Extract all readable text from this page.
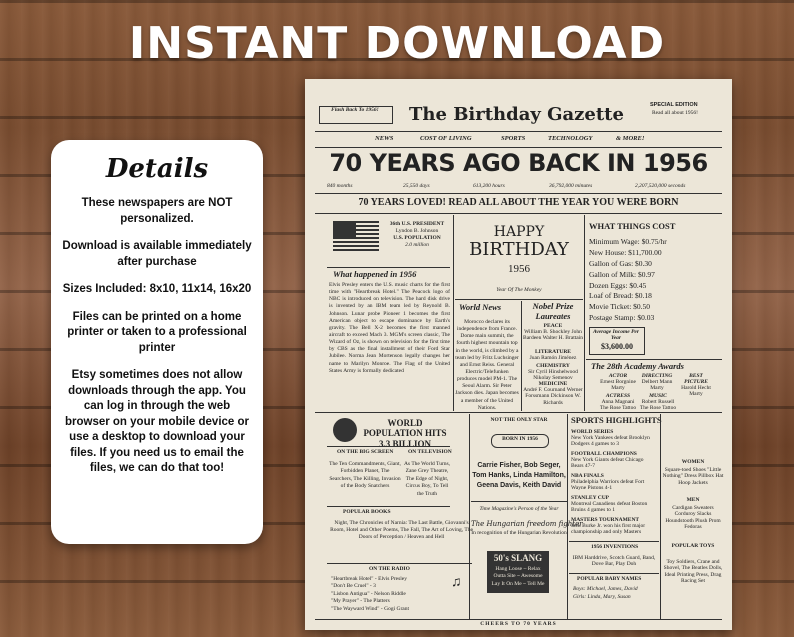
INSTANT DOWNLOAD
Details

These newspapers are NOT personalized.

Download is available immediately after purchase

Sizes Included: 8x10, 11x14, 16x20

Files can be printed on a home printer or taken to a professional printer

Etsy sometimes does not allow downloads through the app. You can log in through the web browser on your mobile device or use a desktop to download your files. If you need us to email the files, we can do that too!

Flash Back To 1956!	The Birthday Gazette	SPECIAL EDITION
Read all about 1956!
NEWS	COST OF LIVING	SPORTS	TECHNOLOGY	& MORE!
70 YEARS AGO BACK IN 1956
840 months	25,550 days	613,200 hours	36,792,000 minutes	2,207,520,000 seconds
70 YEARS LOVED! READ ALL ABOUT THE YEAR YOU WERE BORN
36th U.S. PRESIDENT
Lyndon B. Johnson
U.S. POPULATION
2.0 million
What happened in 1956
Elvis Presley enters the U.S. music charts for the first time with "Heartbreak Hotel." The Peacock logo of NBC is introduced on television. The hard disk drive is invented by an IBM team led by Reynold B. Johnson. Lunar probe Pioneer 1 becomes the first American object to escape dominance by Earth's gravity. The Bell X-2 becomes the first manned aircraft to exceed Mach 3. MGM's screen classic, The Wizard of Oz, is shown on television for the first time by CBS as the final installment of their Ford Star Jubilee. Norma Jean Mortenson legally changes her name to Marilyn Monroe. The Flag of the United States Army is formally dedicated
HAPPY
BIRTHDAY
1956
Year Of The Monkey
World News
Morocco declares its independence from France. Dome main summit, the fourth highest mountain top in the world, is climbed by a team led by Fritz Luchsinger and Ernst Reiss. General Electric/Telefunken produces model PM-1. The Seoul Alarm. Sir Peter Jackson dies. Japan becomes a member of the United Nations.
Nobel Prize Laureates
PEACE
William B. Shockley John Bardeen Walter H. Brattain
LITERATURE
Juan Ramón Jiménez
CHEMISTRY
Sir Cyril Hinshelwood Nikolay Semenov
MEDICINE
André F. Cournand Werner Forssmann Dickinson W. Richards
WHAT THINGS COST
Minimum Wage: $0.75/hr
New House: $11,700.00
Gallon of Gas: $0.30
Gallon of Milk: $0.97
Dozen Eggs: $0.45
Loaf of Bread: $0.18
Movie Ticket: $0.50
Postage Stamp: $0.03
Average Income Per Year
$3,600.00
The 28th Academy Awards
ACTOR
Ernest Borgnine Marty
DIRECTING
Delbert Mann Marty
BEST PICTURE
Harold Hecht Marty
ACTRESS
Anna Magnani The Rose Tattoo
MUSIC
Robert Russell The Rose Tattoo
WORLD POPULATION HITS 3.3 BILLION
ON THE BIG SCREEN
The Ten Commandments, Giant, Forbidden Planet, The Searchers, The Killing, Invasion of the Body Snatchers
ON TELEVISION
As The World Turns, Zane Grey Theatre, The Edge of Night, Circus Boy, To Tell the Truth
POPULAR BOOKS
Night, The Chronicles of Narnia: The Last Battle, Giovanni's Room, Hotel and Other Poems, The Fall, The Art of Loving, The Doors of Perception / Heaven and Hell
ON THE RADIO
"Heartbreak Hotel" - Elvis Presley
"Don't Be Cruel" - 3
"Lisbon Antigua" - Nelson Riddle
"My Prayer" - The Platters
"The Wayward Wind" - Gogi Grant
♫
NOT THE ONLY STAR
BORN IN 1956
Carrie Fisher, Bob Seger, Tom Hanks, Linda Hamilton, Geena Davis, Keith David
Time Magazine's Person of the Year
The Hungarian freedom fighter
In recognition of the Hungarian Revolution
50's SLANG
Hang Loose ~ Relax
Outta Site ~ Awesome
Lay It On Me ~ Tell Me
SPORTS HIGHLIGHTS
WORLD SERIES
New York Yankees defeat Brooklyn Dodgers 4 games to 3
FOOTBALL CHAMPIONS
New York Giants defeat Chicago Bears 47-7
NBA FINALS
Philadelphia Warriors defeat Fort Wayne Pistons 4-1
STANLEY CUP
Montreal Canadiens defeat Boston Bruins 4 games to 1
MASTERS TOURNAMENT
Jack Burke Jr. won his first major championship and only Masters
1956 INVENTIONS
IBM Harddrive, Scotch Guard, Band, Dove Bar, Play Doh
POPULAR BABY NAMES
Boys: Michael, James, David
Girls: Linda, Mary, Susan
WOMEN
Square-toed Shoes "Little Nothing" Dress Pillbox Hat Hoop Jackets
MEN
Cardigan Sweaters Corduroy Slacks Houndstooth Plush Prom Fedoras
POPULAR TOYS
Toy Soldiers, Crane and Shovel, The Beatles Dolls, Ideal Printing Press, Drag Racing Set
CHEERS TO 70 YEARS
